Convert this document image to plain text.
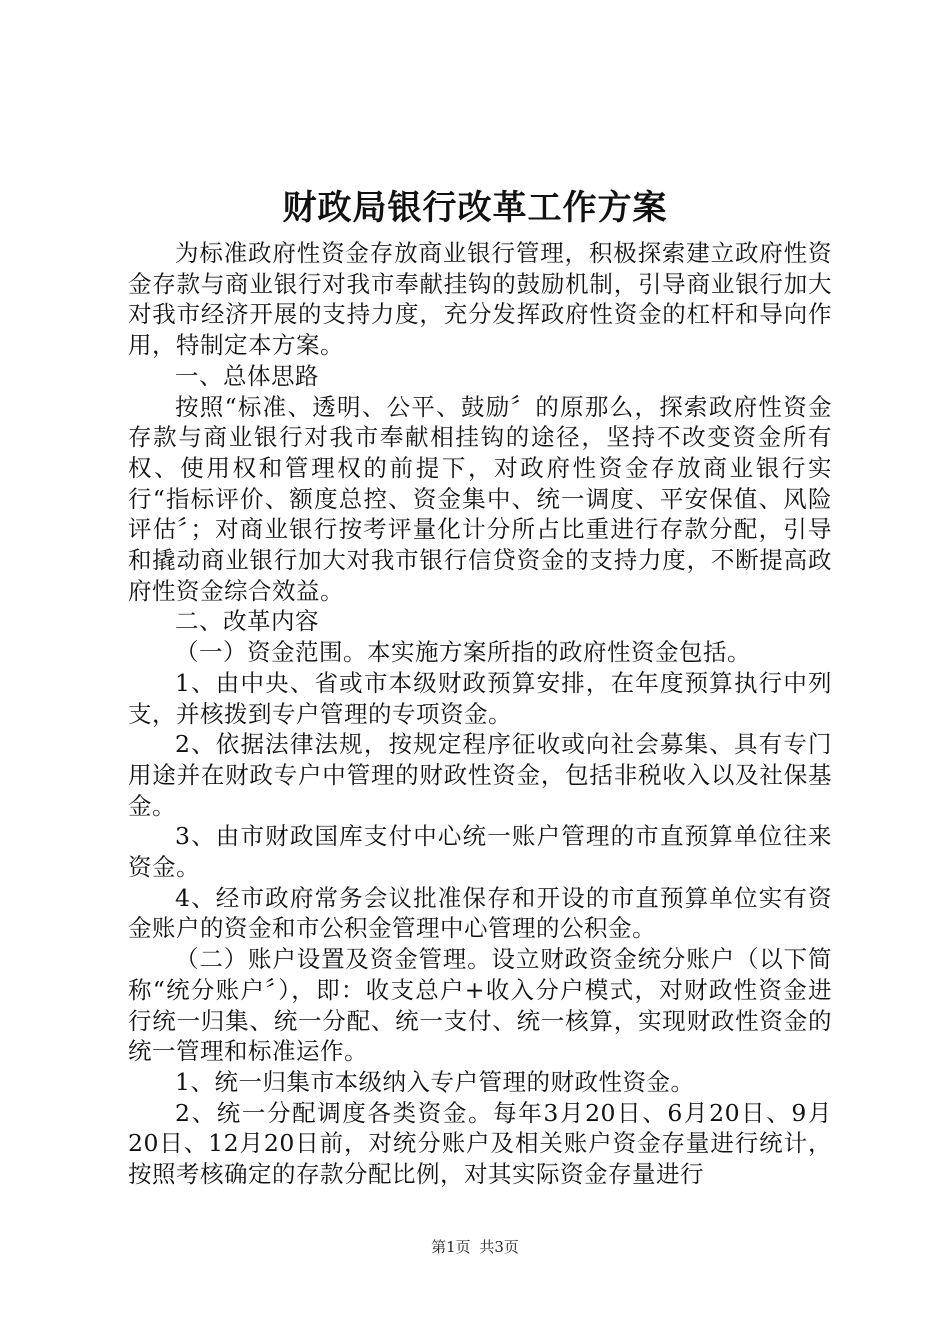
财政局银行改革工作方案

为标准政府性资金存放商业银行管理，积极探索建立政府性资金存款与商业银行对我市奉献挂钩的鼓励机制，引导商业银行加大对我市经济开展的支持力度，充分发挥政府性资金的杠杆和导向作用，特制定本方案。

一、总体思路

按照“标准、透明、公平、鼓励〞的原那么，探索政府性资金存款与商业银行对我市奉献相挂钩的途径，坚持不改变资金所有权、使用权和管理权的前提下，对政府性资金存放商业银行实行“指标评价、额度总控、资金集中、统一调度、平安保值、风险评估〞；对商业银行按考评量化计分所占比重进行存款分配，引导和撬动商业银行加大对我市银行信贷资金的支持力度，不断提高政府性资金综合效益。

二、改革内容

（一）资金范围。本实施方案所指的政府性资金包括。

1、由中央、省或市本级财政预算安排，在年度预算执行中列支，并核拨到专户管理的专项资金。

2、依据法律法规，按规定程序征收或向社会募集、具有专门用途并在财政专户中管理的财政性资金，包括非税收入以及社保基金。

3、由市财政国库支付中心统一账户管理的市直预算单位往来资金。

4、经市政府常务会议批准保存和开设的市直预算单位实有资金账户的资金和市公积金管理中心管理的公积金。

（二）账户设置及资金管理。设立财政资金统分账户（以下简称“统分账户〞），即：收支总户+收入分户模式，对财政性资金进行统一归集、统一分配、统一支付、统一核算，实现财政性资金的统一管理和标准运作。

1、统一归集市本级纳入专户管理的财政性资金。

2、统一分配调度各类资金。每年3月20日、6月20日、9月20日、12月20日前，对统分账户及相关账户资金存量进行统计，按照考核确定的存款分配比例，对其实际资金存量进行

第1页 共3页
